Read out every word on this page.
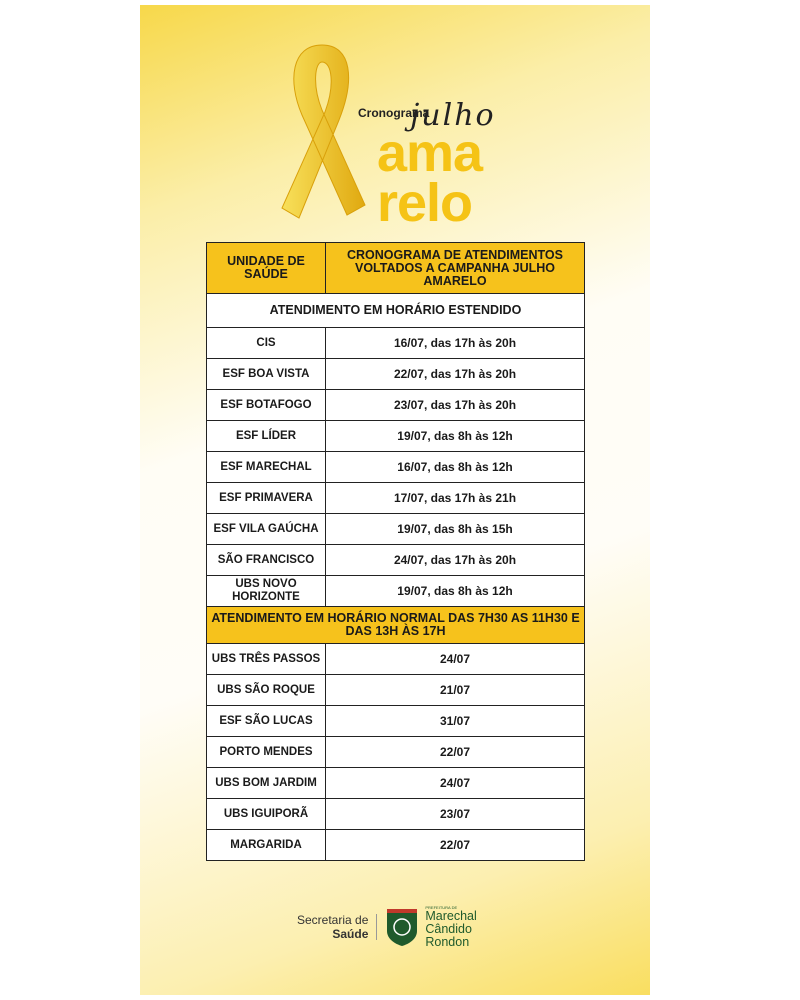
Cronograma
julho
ama
relo
UNIDADE DE SAÚDE	CRONOGRAMA DE ATENDIMENTOS VOLTADOS A CAMPANHA JULHO AMARELO
ATENDIMENTO EM HORÁRIO ESTENDIDO	
CIS	16/07, das 17h às 20h
ESF BOA VISTA	22/07, das 17h às 20h
ESF BOTAFOGO	23/07, das 17h às 20h
ESF LÍDER	19/07, das 8h às 12h
ESF MARECHAL	16/07, das 8h às 12h
ESF PRIMAVERA	17/07, das 17h às 21h
ESF VILA GAÚCHA	19/07, das 8h às 15h
SÃO FRANCISCO	24/07, das 17h às 20h
UBS NOVO HORIZONTE	19/07, das 8h às 12h
ATENDIMENTO EM HORÁRIO NORMAL DAS 7H30 AS 11H30 E DAS 13H ÀS 17H	
UBS TRÊS PASSOS	24/07
UBS SÃO ROQUE	21/07
ESF SÃO LUCAS	31/07
PORTO MENDES	22/07
UBS BOM JARDIM	24/07
UBS IGUIPORÃ	23/07
MARGARIDA	22/07
Secretaria de
Saúde
PREFEITURA DE
Marechal
Cândido
Rondon
